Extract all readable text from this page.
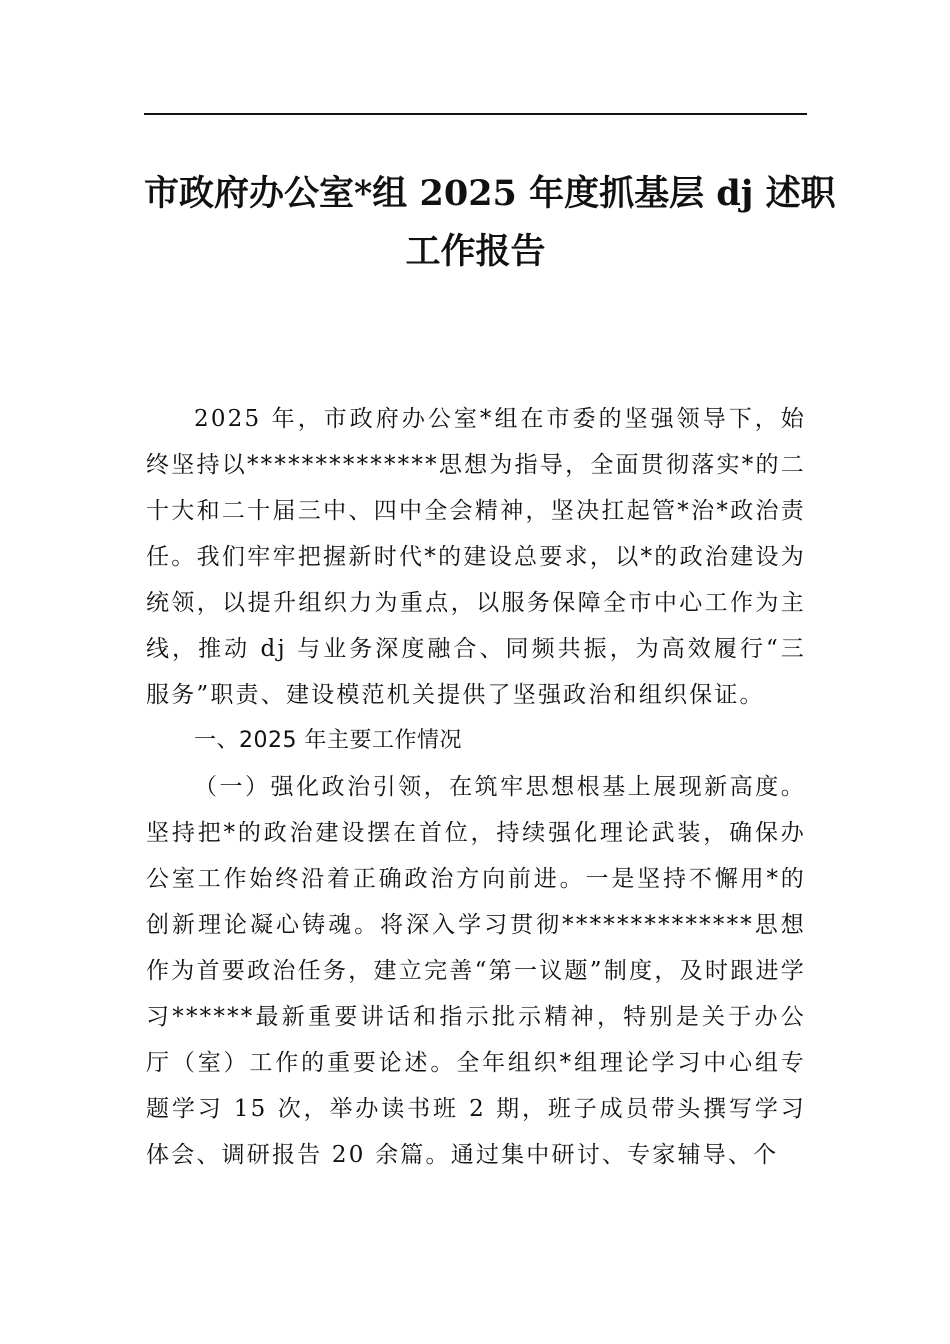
市政府办公室*组 2025 年度抓基层 dj 述职
工作报告

2025 年，市政府办公室*组在市委的坚强领导下，始终坚持以**************思想为指导，全面贯彻落实*的二十大和二十届三中、四中全会精神，坚决扛起管*治*政治责任。我们牢牢把握新时代*的建设总要求，以*的政治建设为统领，以提升组织力为重点，以服务保障全市中心工作为主线，推动 dj 与业务深度融合、同频共振，为高效履行“三服务”职责、建设模范机关提供了坚强政治和组织保证。

一、2025 年主要工作情况

（一）强化政治引领，在筑牢思想根基上展现新高度。坚持把*的政治建设摆在首位，持续强化理论武装，确保办公室工作始终沿着正确政治方向前进。一是坚持不懈用*的创新理论凝心铸魂。将深入学习贯彻**************思想作为首要政治任务，建立完善“第一议题”制度，及时跟进学习******最新重要讲话和指示批示精神，特别是关于办公厅（室）工作的重要论述。全年组织*组理论学习中心组专题学习 15 次，举办读书班 2 期，班子成员带头撰写学习体会、调研报告 20 余篇。通过集中研讨、专家辅导、个
